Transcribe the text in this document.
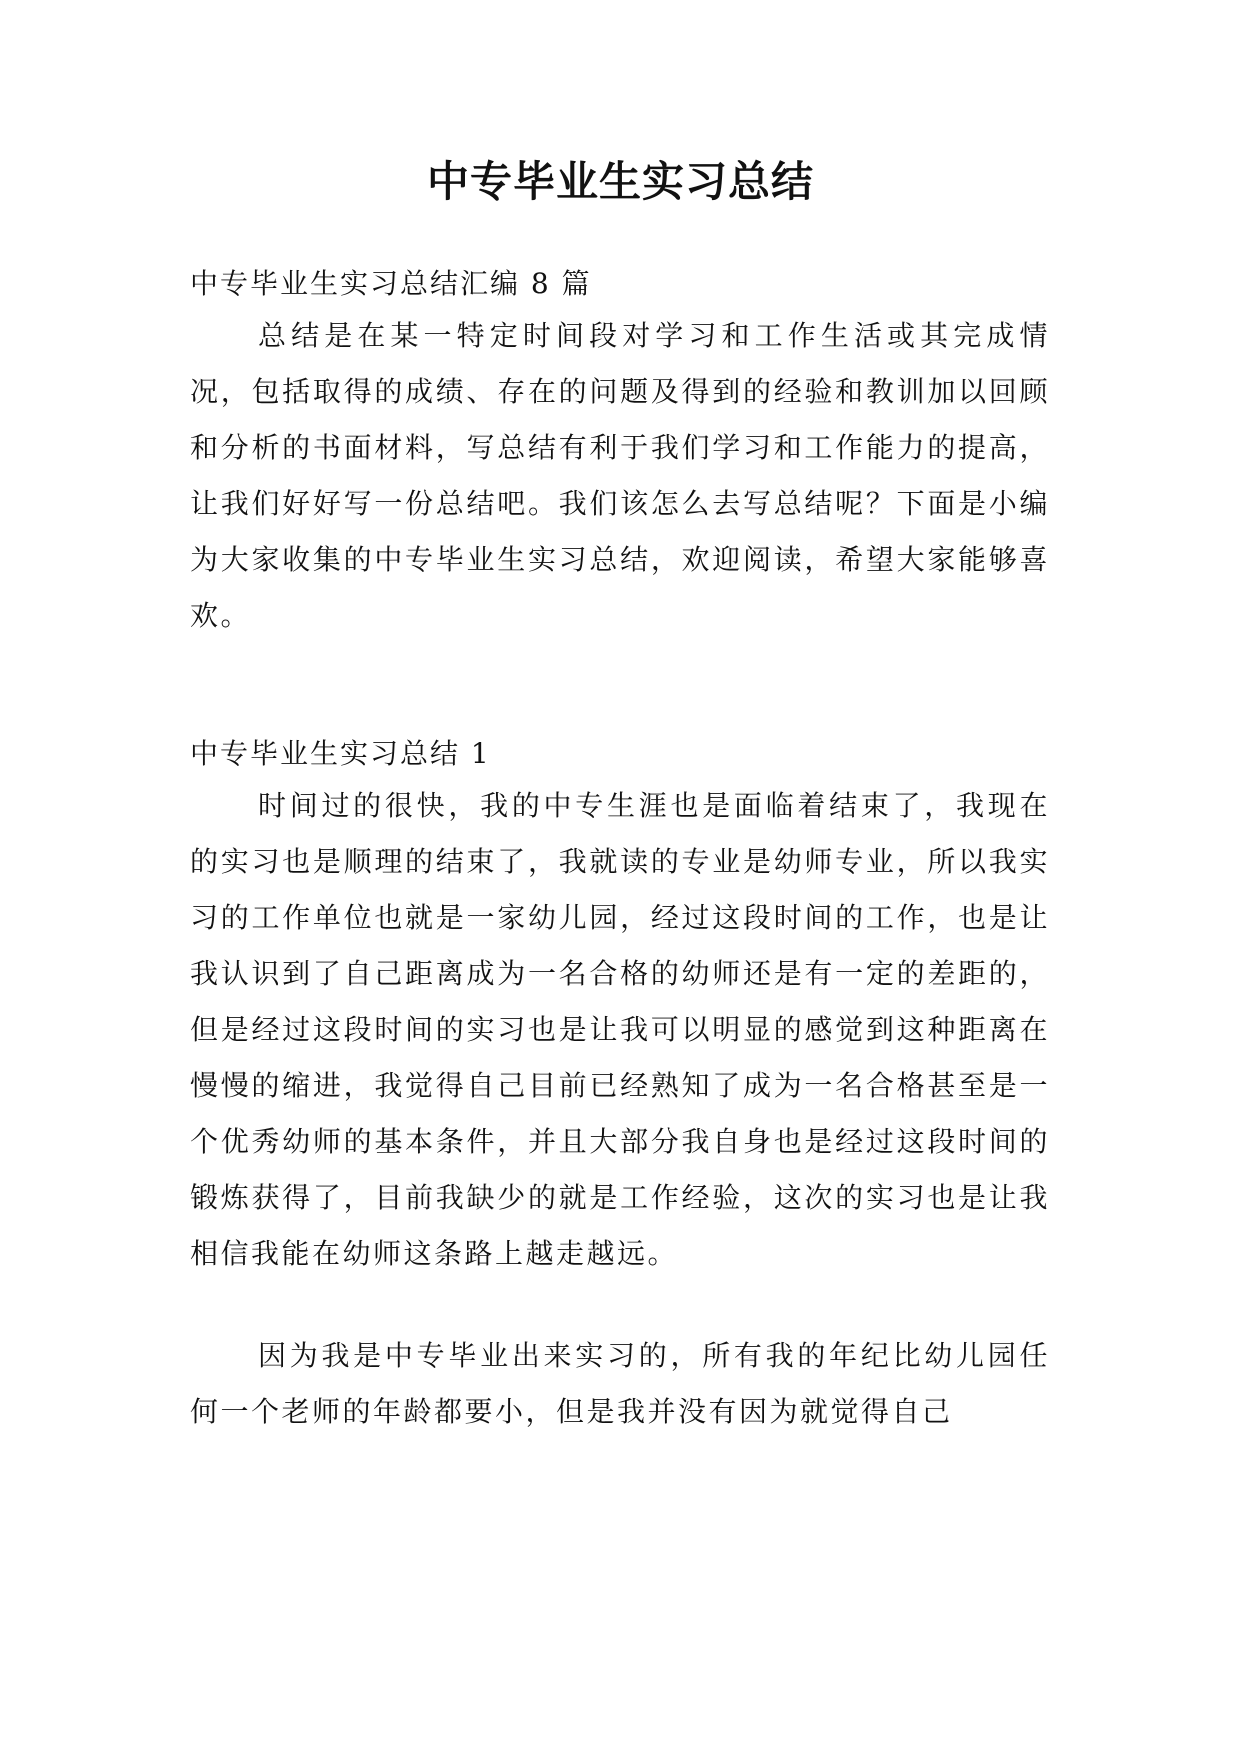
中专毕业生实习总结

中专毕业生实习总结汇编 8 篇

总结是在某一特定时间段对学习和工作生活或其完成情况，包括取得的成绩、存在的问题及得到的经验和教训加以回顾和分析的书面材料，写总结有利于我们学习和工作能力的提高，让我们好好写一份总结吧。我们该怎么去写总结呢？下面是小编为大家收集的中专毕业生实习总结，欢迎阅读，希望大家能够喜欢。

中专毕业生实习总结 1

时间过的很快，我的中专生涯也是面临着结束了，我现在的实习也是顺理的结束了，我就读的专业是幼师专业，所以我实习的工作单位也就是一家幼儿园，经过这段时间的工作，也是让我认识到了自己距离成为一名合格的幼师还是有一定的差距的，但是经过这段时间的实习也是让我可以明显的感觉到这种距离在慢慢的缩进，我觉得自己目前已经熟知了成为一名合格甚至是一个优秀幼师的基本条件，并且大部分我自身也是经过这段时间的锻炼获得了，目前我缺少的就是工作经验，这次的实习也是让我相信我能在幼师这条路上越走越远。

因为我是中专毕业出来实习的，所有我的年纪比幼儿园任何一个老师的年龄都要小，但是我并没有因为就觉得自己
